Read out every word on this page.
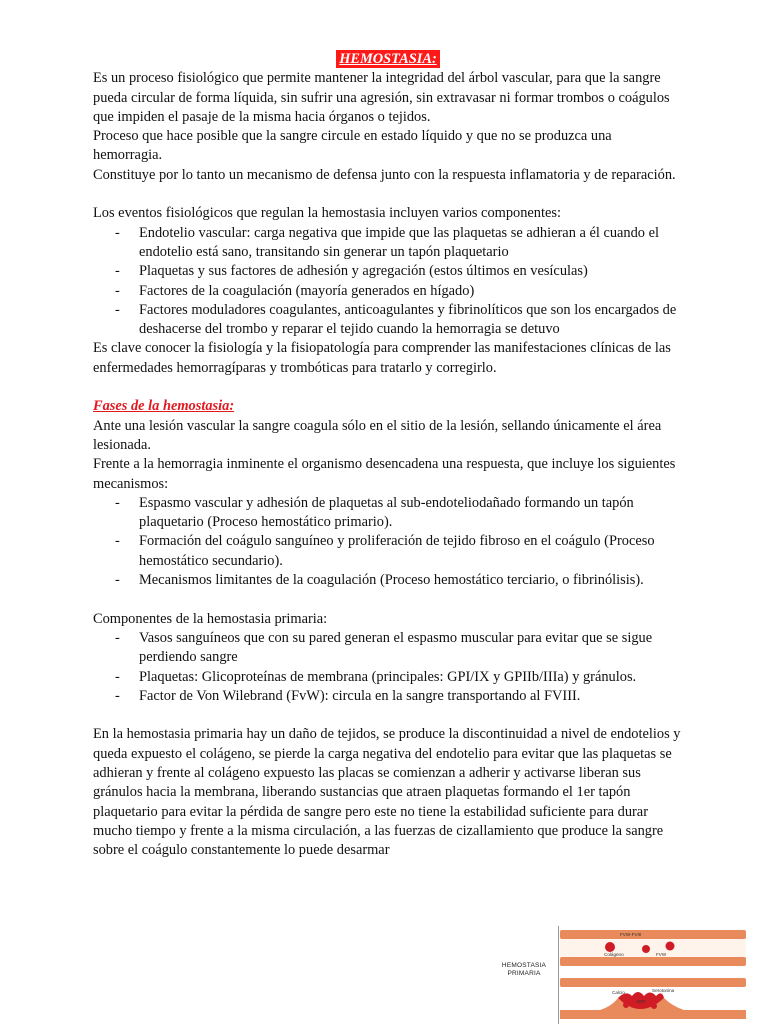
HEMOSTASIA:

Es un proceso fisiológico que permite mantener la integridad del árbol vascular, para que la sangre pueda circular de forma líquida, sin sufrir una agresión, sin extravasar ni formar trombos o coágulos que impiden el pasaje de la misma hacia órganos o tejidos.

Proceso que hace posible que la sangre circule en estado líquido y que no se produzca una hemorragia.

Constituye por lo tanto un mecanismo de defensa junto con la respuesta inflamatoria y de reparación.

Los eventos fisiológicos que regulan la hemostasia incluyen varios componentes:

- Endotelio vascular: carga negativa que impide que las plaquetas se adhieran a él cuando el endotelio está sano, transitando sin generar un tapón plaquetario
- Plaquetas y sus factores de adhesión y agregación (estos últimos en vesículas)
- Factores de la coagulación (mayoría generados en hígado)
- Factores moduladores coagulantes, anticoagulantes y fibrinolíticos que son los encargados de deshacerse del trombo y reparar el tejido cuando la hemorragia se detuvo

Es clave conocer la fisiología y la fisiopatología para comprender las manifestaciones clínicas de las enfermedades hemorragíparas y trombóticas para tratarlo y corregirlo.

Fases de la hemostasia:

Ante una lesión vascular la sangre coagula sólo en el sitio de la lesión, sellando únicamente el área lesionada.

Frente a la hemorragia inminente el organismo desencadena una respuesta, que incluye los siguientes mecanismos:

- Espasmo vascular y adhesión de plaquetas al sub-endoteliodañado formando un tapón plaquetario (Proceso hemostático primario).
- Formación del coágulo sanguíneo y proliferación de tejido fibroso en el coágulo (Proceso hemostático secundario).
- Mecanismos limitantes de la coagulación (Proceso hemostático terciario, o fibrinólisis).

Componentes de la hemostasia primaria:

- Vasos sanguíneos que con su pared generan el espasmo muscular para evitar que se sigue perdiendo sangre
- Plaquetas: Glicoproteínas de membrana (principales: GPI/IX y GPIIb/IIIa) y gránulos.
- Factor de Von Wilebrand (FvW): circula en la sangre transportando al FVIII.

En la hemostasia primaria hay un daño de tejidos, se produce la discontinuidad a nivel de endotelios y queda expuesto el colágeno, se pierde la carga negativa del endotelio para evitar que las plaquetas se adhieran y frente al colágeno expuesto las placas se comienzan a adherir y activarse liberan sus gránulos hacia la membrana, liberando sustancias que atraen plaquetas formando el 1er tapón plaquetario para evitar la pérdida de sangre pero este no tiene la estabilidad suficiente para durar mucho tiempo y frente a la misma circulación, a las fuerzas de cizallamiento que produce la sangre sobre el coágulo constantemente lo puede desarmar

HEMOSTASIA PRIMARIA
FVW-FVIII
Colágeno	FVW
Calcio	Serotonina
ADP
